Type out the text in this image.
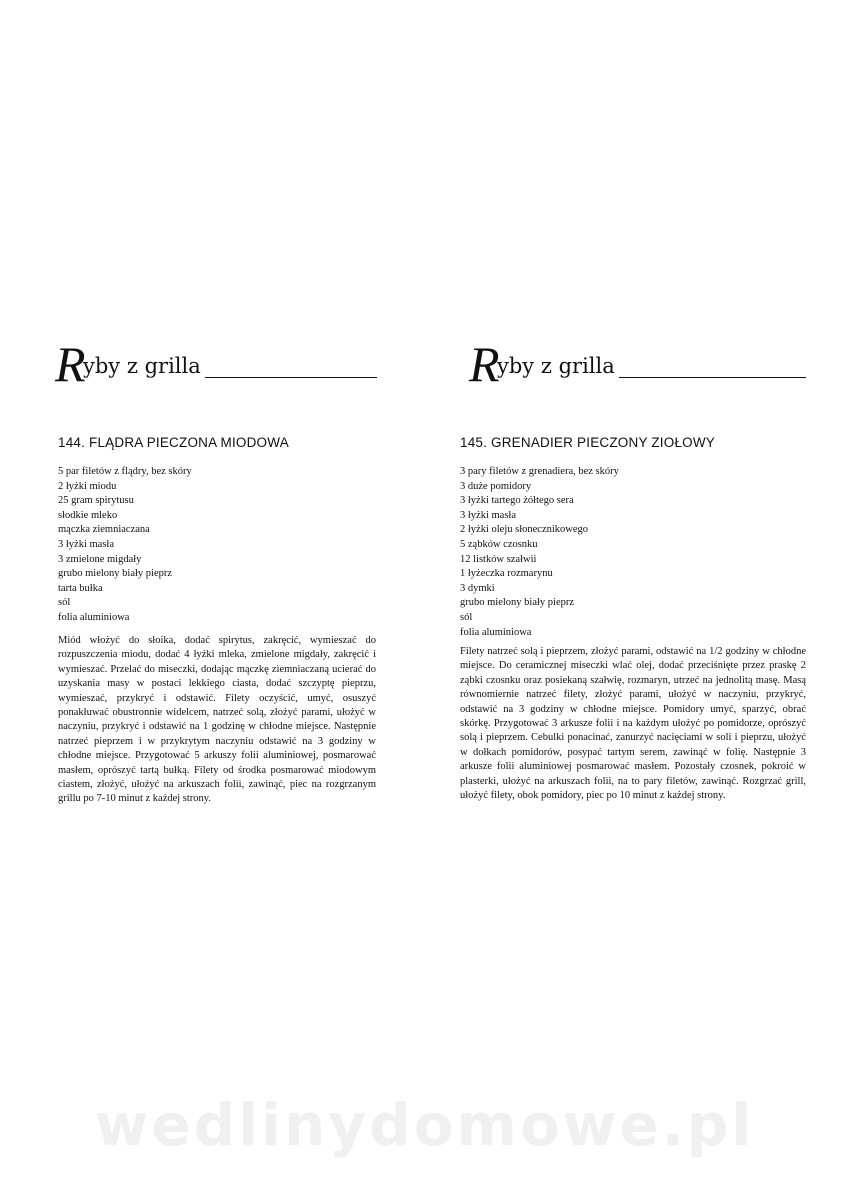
R
yby z grilla
144. FLĄDRA PIECZONA MIODOWA
5 par filetów z flądry, bez skóry
2 łyżki miodu
25 gram spirytusu
słodkie mleko
mączka ziemniaczana
3 łyżki masła
3 zmielone migdały
grubo mielony biały pieprz
tarta bułka
sól
folia aluminiowa

Miód włożyć do słoika, dodać spirytus, zakręcić, wymieszać do rozpuszczenia miodu, dodać 4 łyżki mleka, zmielone migdały, zakręcić i wymieszać. Przelać do miseczki, dodając mączkę ziemniaczaną ucierać do uzyskania masy w postaci lekkiego ciasta, dodać szczyptę pieprzu, wymieszać, przykryć i odstawić. Filety oczyścić, umyć, osuszyć ponakłuwać obustronnie widelcem, natrzeć solą, złożyć parami, ułożyć w naczyniu, przykryć i odstawić na 1 godzinę w chłodne miejsce. Następnie natrzeć pieprzem i w przykrytym naczyniu odstawić na 3 godziny w chłodne miejsce. Przygotować 5 arkuszy folii aluminiowej, posmarować masłem, oprószyć tartą bułką. Filety od środka posmarować miodowym ciastem, złożyć, ułożyć na arkuszach folii, zawinąć, piec na rozgrzanym grillu po 7-10 minut z każdej strony.

R
yby z grilla
145. GRENADIER PIECZONY ZIOŁOWY
3 pary filetów z grenadiera, bez skóry
3 duże pomidory
3 łyżki tartego żółtego sera
3 łyżki masła
2 łyżki oleju słonecznikowego
5 ząbków czosnku
12 listków szałwii
1 łyżeczka rozmarynu
3 dymki
grubo mielony biały pieprz
sól
folia aluminiowa

Filety natrzeć solą i pieprzem, złożyć parami, odstawić na 1/2 godziny w chłodne miejsce. Do ceramicznej miseczki wlać olej, dodać przeciśnięte przez praskę 2 ząbki czosnku oraz posiekaną szałwię, rozmaryn, utrzeć na jednolitą masę. Masą równomiernie natrzeć filety, złożyć parami, ułożyć w naczyniu, przykryć, odstawić na 3 godziny w chłodne miejsce. Pomidory umyć, sparzyć, obrać skórkę. Przygotować 3 arkusze folii i na każdym ułożyć po pomidorze, oprószyć solą i pieprzem. Cebulki ponacinać, zanurzyć nacięciami w soli i pieprzu, ułożyć w dołkach pomidorów, posypać tartym serem, zawinąć w folię. Następnie 3 arkusze folii aluminiowej posmarować masłem. Pozostały czosnek, pokroić w plasterki, ułożyć na arkuszach folii, na to pary filetów, zawinąć. Rozgrzać grill, ułożyć filety, obok pomidory, piec po 10 minut z każdej strony.

wedlinydomowe.pl
